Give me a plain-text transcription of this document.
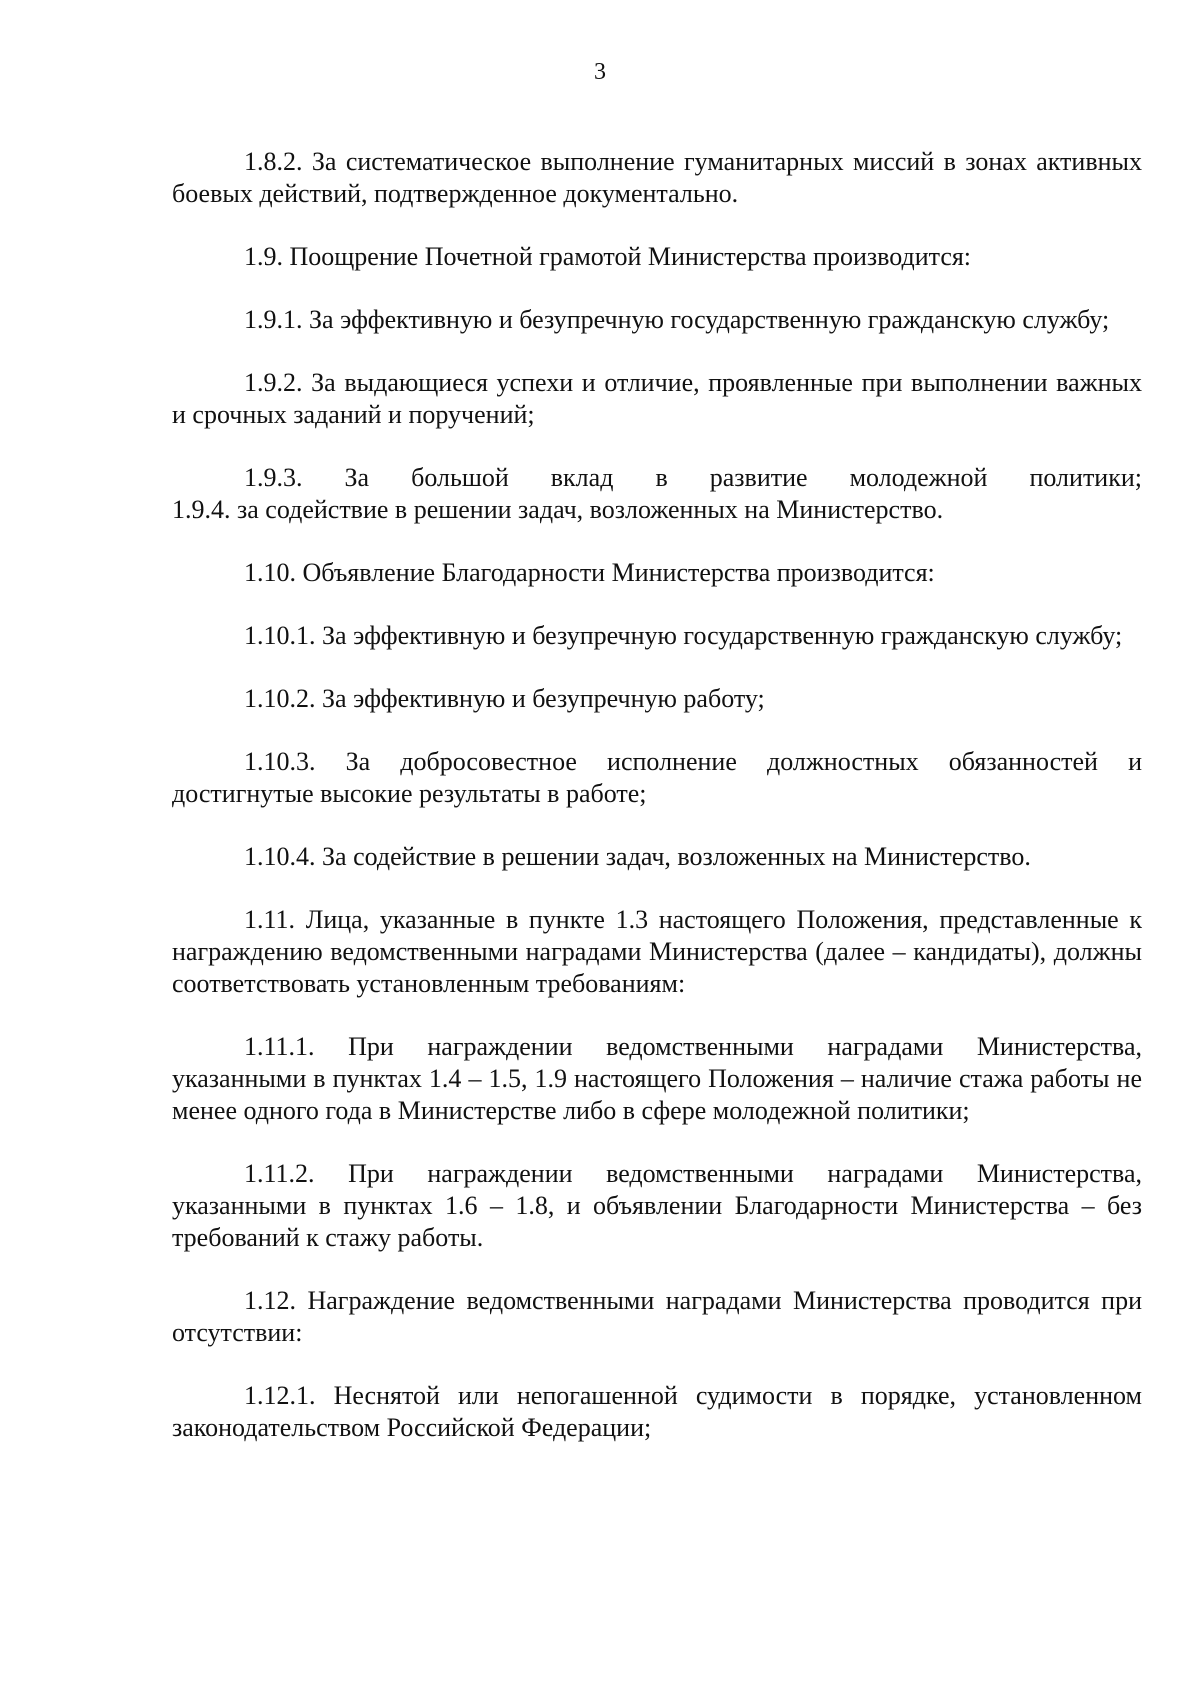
3

1.8.2. За систематическое выполнение гуманитарных миссий в зонах активных боевых действий, подтвержденное документально.

1.9. Поощрение Почетной грамотой Министерства производится:

1.9.1. За эффективную и безупречную государственную гражданскую службу;

1.9.2. За выдающиеся успехи и отличие, проявленные при выполнении важных и срочных заданий и поручений;

1.9.3. За большой вклад в развитие молодежной политики;
1.9.4. за содействие в решении задач, возложенных на Министерство.

1.10. Объявление Благодарности Министерства производится:

1.10.1. За эффективную и безупречную государственную гражданскую службу;

1.10.2. За эффективную и безупречную работу;

1.10.3. За добросовестное исполнение должностных обязанностей и достигнутые высокие результаты в работе;

1.10.4. За содействие в решении задач, возложенных на Министерство.

1.11. Лица, указанные в пункте 1.3 настоящего Положения, представленные к награждению ведомственными наградами Министерства (далее – кандидаты), должны соответствовать установленным требованиям:

1.11.1. При награждении ведомственными наградами Министерства, указанными в пунктах 1.4 – 1.5, 1.9 настоящего Положения – наличие стажа работы не менее одного года в Министерстве либо в сфере молодежной политики;

1.11.2. При награждении ведомственными наградами Министерства, указанными в пунктах 1.6 – 1.8, и объявлении Благодарности Министерства – без требований к стажу работы.

1.12. Награждение ведомственными наградами Министерства проводится при отсутствии:

1.12.1. Неснятой или непогашенной судимости в порядке, установленном законодательством Российской Федерации;
